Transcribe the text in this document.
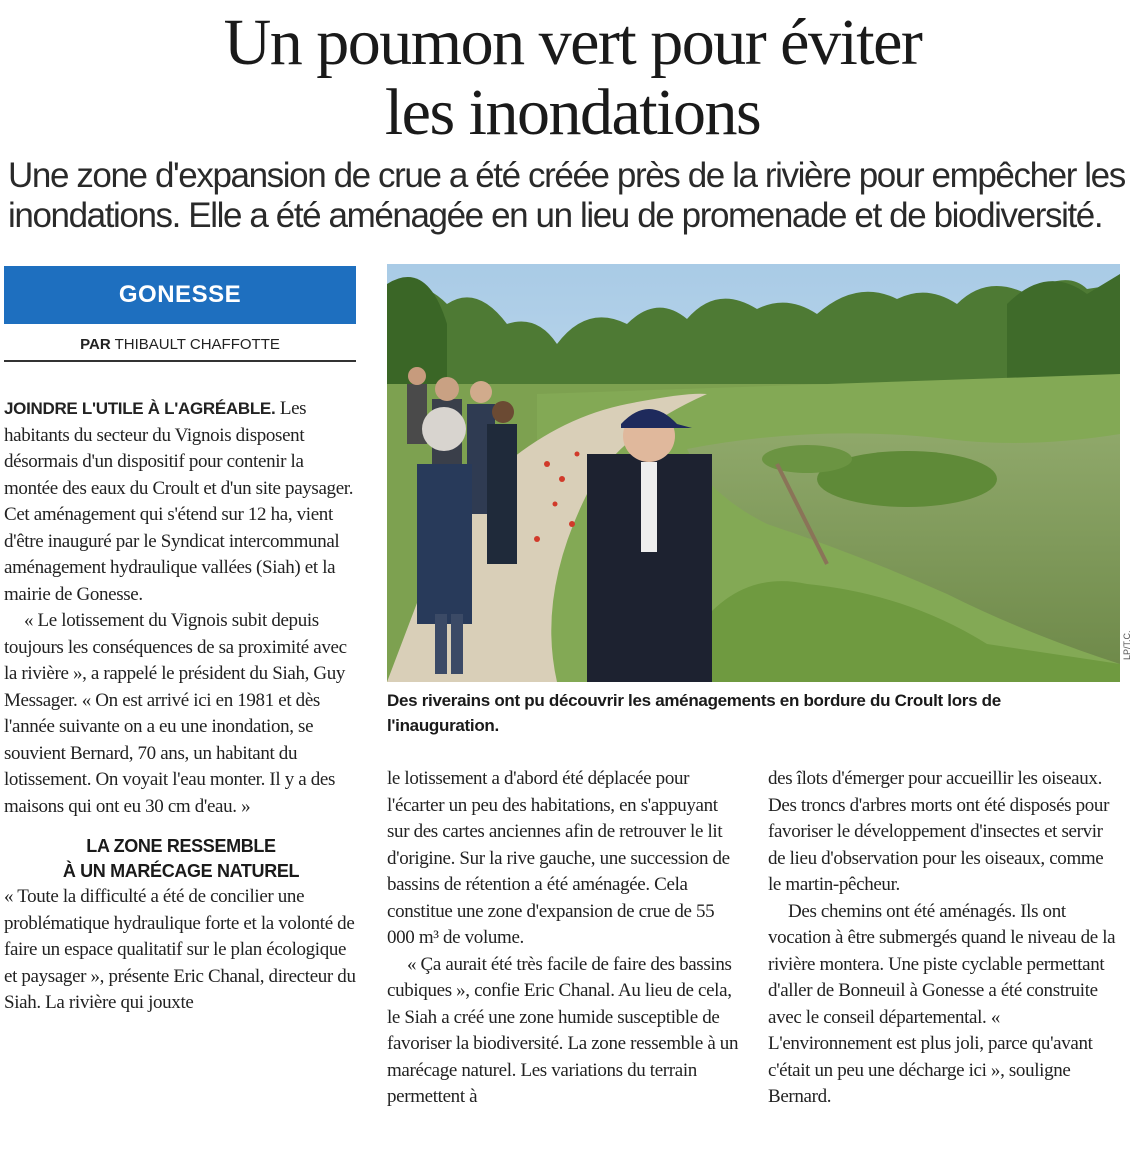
Un poumon vert pour éviter
les inondations

Une zone d'expansion de crue a été créée près de la rivière pour empêcher les inondations. Elle a été aménagée en un lieu de promenade et de biodiversité.

GONESSE
PAR THIBAULT CHAFFOTTE
LP/T.C.

Des riverains ont pu découvrir les aménagements en bordure du Croult lors de l'inauguration.

JOINDRE L'UTILE À L'AGRÉABLE. Les habitants du secteur du Vignois disposent désormais d'un dispositif pour contenir la montée des eaux du Croult et d'un site paysager. Cet aménagement qui s'étend sur 12 ha, vient d'être inauguré par le Syndicat intercommunal aménagement hydraulique vallées (Siah) et la mairie de Gonesse.

« Le lotissement du Vignois subit depuis toujours les conséquences de sa proximité avec la rivière », a rappelé le président du Siah, Guy Messager. « On est arrivé ici en 1981 et dès l'année suivante on a eu une inondation, se souvient Bernard, 70 ans, un habitant du lotissement. On voyait l'eau monter. Il y a des maisons qui ont eu 30 cm d'eau. »

LA ZONE RESSEMBLE
À UN MARÉCAGE NATUREL

« Toute la difficulté a été de concilier une problématique hydraulique forte et la volonté de faire un espace qualitatif sur le plan écologique et paysager », présente Eric Chanal, directeur du Siah. La rivière qui jouxte

le lotissement a d'abord été déplacée pour l'écarter un peu des habitations, en s'appuyant sur des cartes anciennes afin de retrouver le lit d'origine. Sur la rive gauche, une succession de bassins de rétention a été aménagée. Cela constitue une zone d'expansion de crue de 55 000 m³ de volume.

« Ça aurait été très facile de faire des bassins cubiques », confie Eric Chanal. Au lieu de cela, le Siah a créé une zone humide susceptible de favoriser la biodiversité. La zone ressemble à un marécage naturel. Les variations du terrain permettent à

des îlots d'émerger pour accueillir les oiseaux. Des troncs d'arbres morts ont été disposés pour favoriser le développement d'insectes et servir de lieu d'observation pour les oiseaux, comme le martin-pêcheur.

Des chemins ont été aménagés. Ils ont vocation à être submergés quand le niveau de la rivière montera. Une piste cyclable permettant d'aller de Bonneuil à Gonesse a été construite avec le conseil départemental. « L'environnement est plus joli, parce qu'avant c'était un peu une décharge ici », souligne Bernard.
